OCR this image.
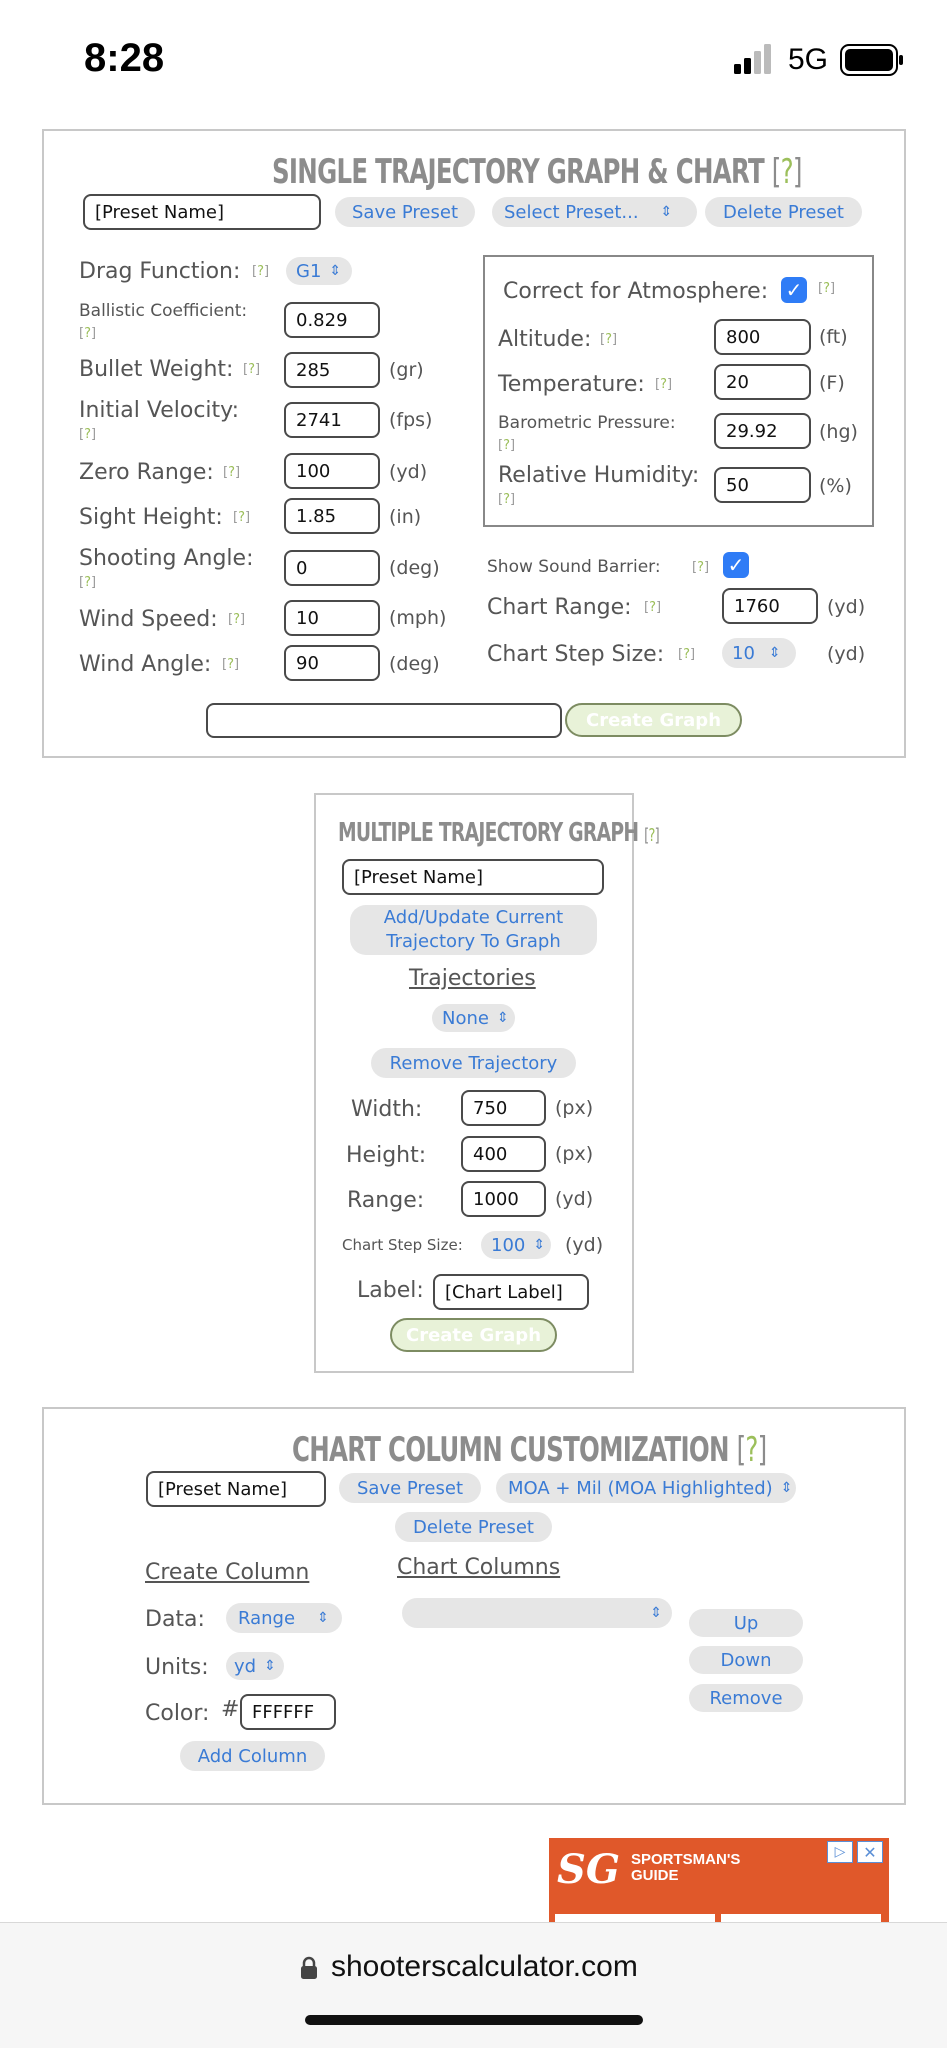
8:28	5G
SINGLE TRAJECTORY GRAPH & CHART [?]
[Preset Name]	Save Preset	Select Preset... ⇕	Delete Preset
Drag Function: [?] G1 ⇕
Ballistic Coefficient:
[?]
0.829
Bullet Weight: [?]	285	(gr)
Initial Velocity:
[?]
2741	(fps)
Zero Range: [?]	100	(yd)
Sight Height: [?]	1.85	(in)
Shooting Angle:
[?]
0	(deg)
Wind Speed: [?]	10	(mph)
Wind Angle: [?]	90	(deg)
Correct for Atmosphere: ✓	[?]
Altitude: [?]	800	(ft)
Temperature: [?]	20	(F)
Barometric Pressure:
[?]
29.92	(hg)
Relative Humidity:
[?]
50	(%)
Show Sound Barrier: [?] ✓
Chart Range: [?]	1760	(yd)
Chart Step Size: [?] 10 ⇕ (yd)
Create Graph
MULTIPLE TRAJECTORY GRAPH [?]
[Preset Name]
Add/Update Current Trajectory To Graph
Trajectories
None ⇕
Remove Trajectory
Width:	750	(px)
Height:	400	(px)
Range:	1000	(yd)
Chart Step Size: 100 ⇕ (yd)
Label:	[Chart Label]
Create Graph
CHART COLUMN CUSTOMIZATION [?]
[Preset Name]	Save Preset	MOA + Mil (MOA Highlighted) ⇕
Delete Preset
Create Column	Chart Columns
Data: Range ⇕	⇕	Up
Down
Remove
Units: yd ⇕
Color: # FFFFFF
Add Column
SG SPORTSMAN'S
GUIDE
▷	✕
shooterscalculator.com
